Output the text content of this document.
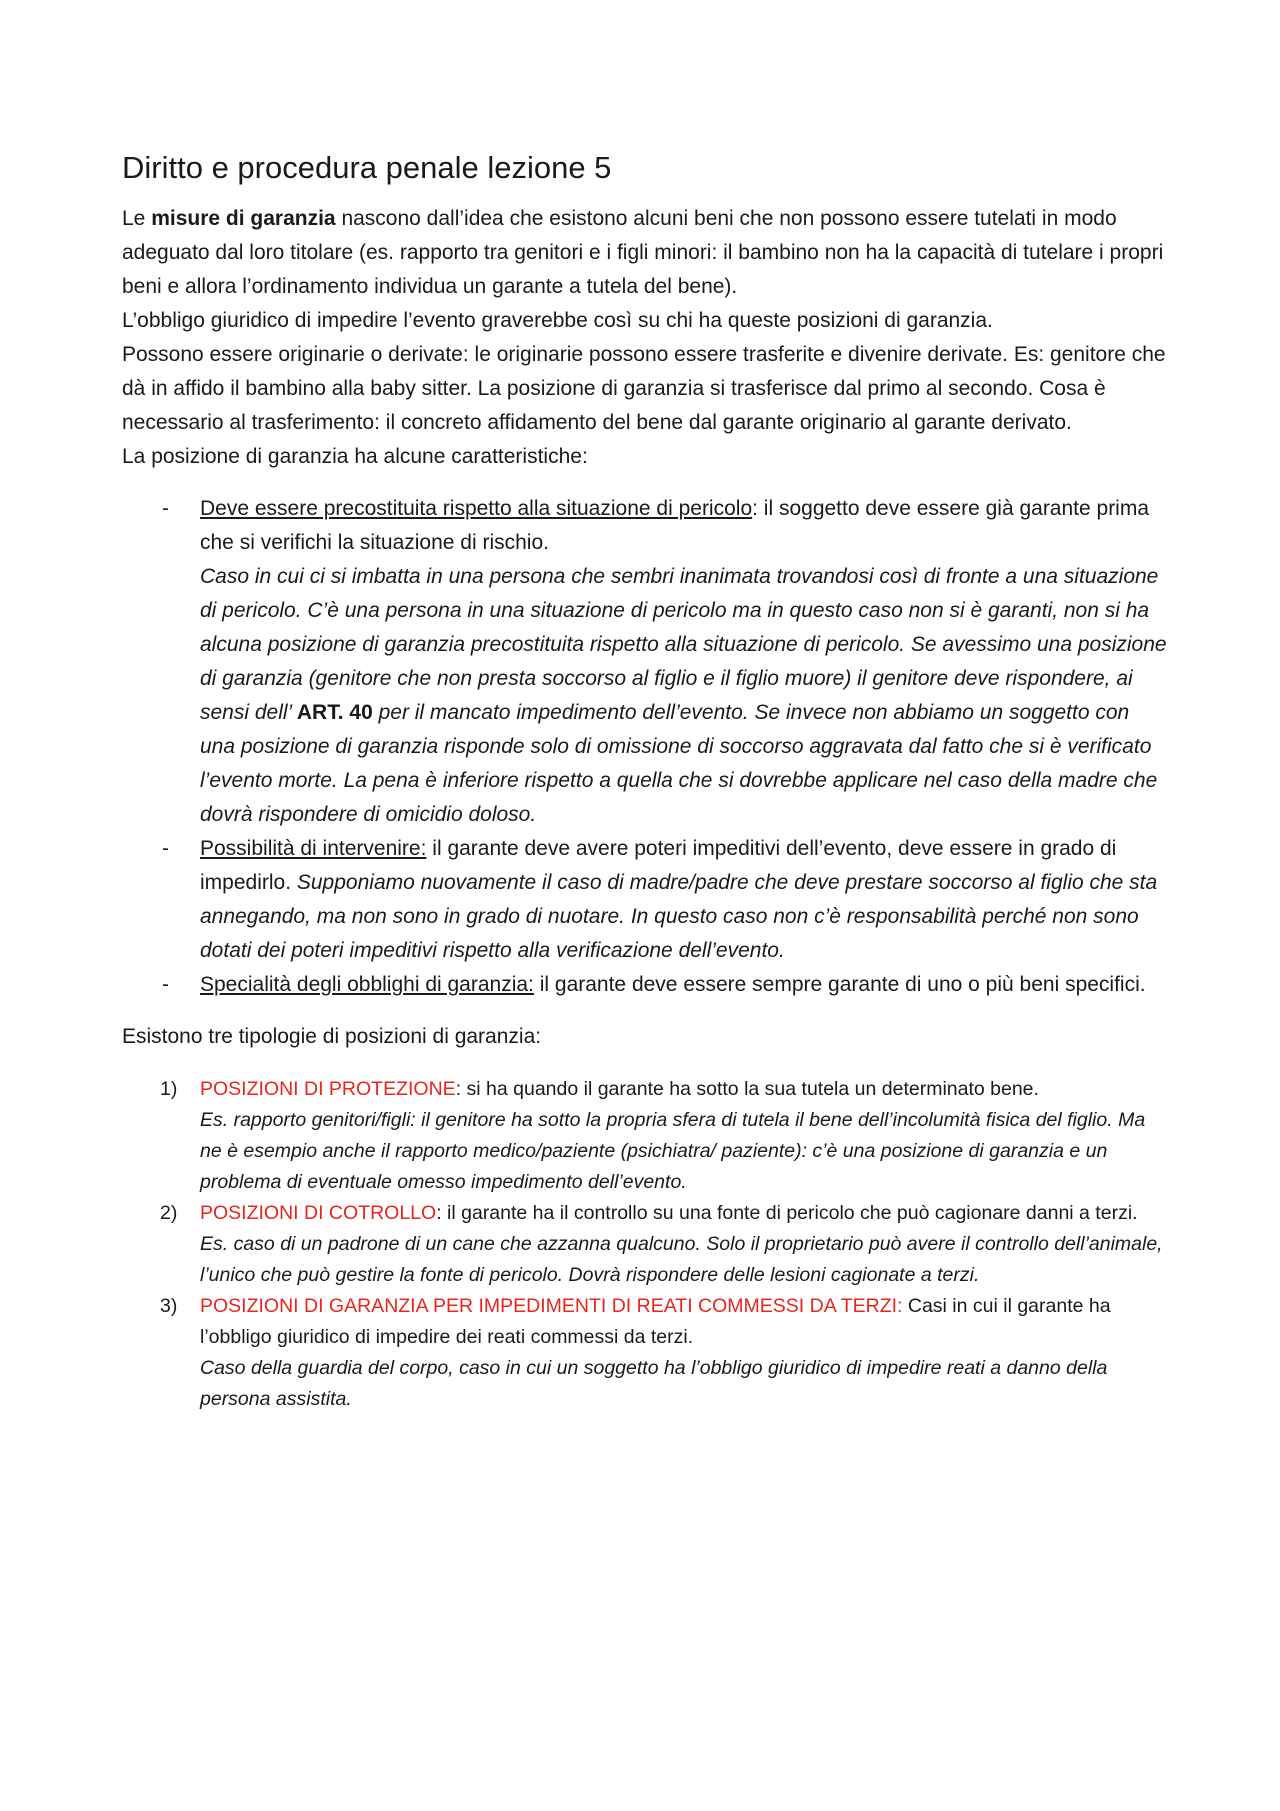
Diritto e procedura penale lezione 5

Le misure di garanzia nascono dall’idea che esistono alcuni beni che non possono essere tutelati in modo adeguato dal loro titolare (es. rapporto tra genitori e i figli minori: il bambino non ha la capacità di tutelare i propri beni e allora l’ordinamento individua un garante a tutela del bene).
L’obbligo giuridico di impedire l’evento graverebbe così su chi ha queste posizioni di garanzia.
Possono essere originarie o derivate: le originarie possono essere trasferite e divenire derivate. Es: genitore che dà in affido il bambino alla baby sitter. La posizione di garanzia si trasferisce dal primo al secondo. Cosa è necessario al trasferimento: il concreto affidamento del bene dal garante originario al garante derivato.
La posizione di garanzia ha alcune caratteristiche:

- Deve essere precostituita rispetto alla situazione di pericolo: il soggetto deve essere già garante prima che si verifichi la situazione di rischio.
Caso in cui ci si imbatta in una persona che sembri inanimata trovandosi così di fronte a una situazione di pericolo. C’è una persona in una situazione di pericolo ma in questo caso non si è garanti, non si ha alcuna posizione di garanzia precostituita rispetto alla situazione di pericolo. Se avessimo una posizione di garanzia (genitore che non presta soccorso al figlio e il figlio muore) il genitore deve rispondere, ai sensi dell’ ART. 40 per il mancato impedimento dell’evento. Se invece non abbiamo un soggetto con una posizione di garanzia risponde solo di omissione di soccorso aggravata dal fatto che si è verificato l’evento morte. La pena è inferiore rispetto a quella che si dovrebbe applicare nel caso della madre che dovrà rispondere di omicidio doloso.
- Possibilità di intervenire: il garante deve avere poteri impeditivi dell’evento, deve essere in grado di impedirlo. Supponiamo nuovamente il caso di madre/padre che deve prestare soccorso al figlio che sta annegando, ma non sono in grado di nuotare. In questo caso non c’è responsabilità perché non sono dotati dei poteri impeditivi rispetto alla verificazione dell’evento.
- Specialità degli obblighi di garanzia: il garante deve essere sempre garante di uno o più beni specifici.

Esistono tre tipologie di posizioni di garanzia:

1) POSIZIONI DI PROTEZIONE: si ha quando il garante ha sotto la sua tutela un determinato bene.
Es. rapporto genitori/figli: il genitore ha sotto la propria sfera di tutela il bene dell’incolumità fisica del figlio. Ma ne è esempio anche il rapporto medico/paziente (psichiatra/ paziente): c’è una posizione di garanzia e un problema di eventuale omesso impedimento dell’evento.
2) POSIZIONI DI COTROLLO: il garante ha il controllo su una fonte di pericolo che può cagionare danni a terzi. Es. caso di un padrone di un cane che azzanna qualcuno. Solo il proprietario può avere il controllo dell’animale, l’unico che può gestire la fonte di pericolo. Dovrà rispondere delle lesioni cagionate a terzi.
3) POSIZIONI DI GARANZIA PER IMPEDIMENTI DI REATI COMMESSI DA TERZI: Casi in cui il garante ha l’obbligo giuridico di impedire dei reati commessi da terzi.
Caso della guardia del corpo, caso in cui un soggetto ha l’obbligo giuridico di impedire reati a danno della persona assistita.
